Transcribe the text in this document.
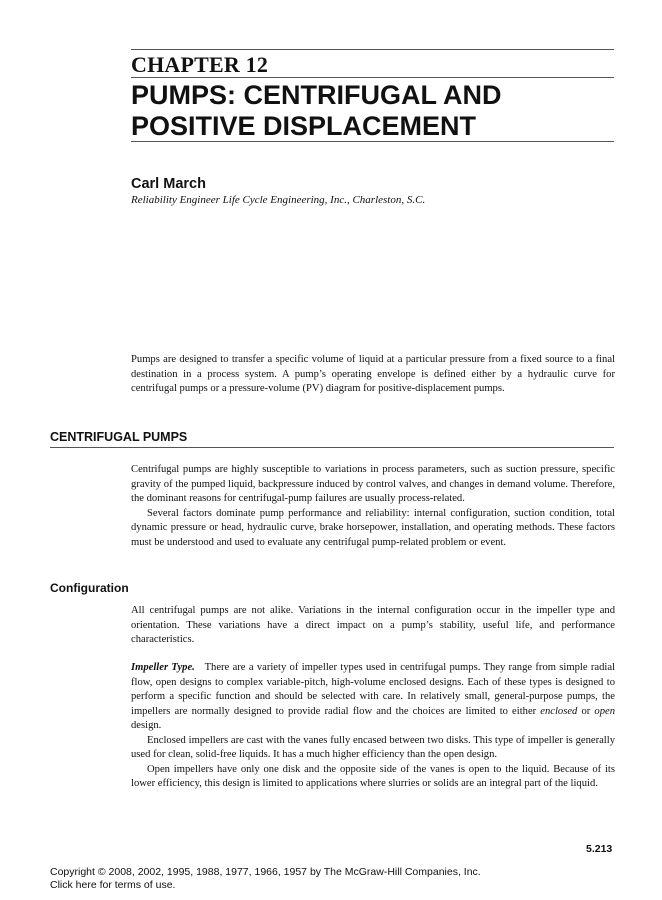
CHAPTER 12
PUMPS: CENTRIFUGAL AND
POSITIVE DISPLACEMENT
Carl March
Reliability Engineer Life Cycle Engineering, Inc., Charleston, S.C.

Pumps are designed to transfer a specific volume of liquid at a particular pressure from a fixed source to a final destination in a process system. A pump’s operating envelope is defined either by a hydraulic curve for centrifugal pumps or a pressure-volume (PV) diagram for positive-displacement pumps.

CENTRIFUGAL PUMPS
Centrifugal pumps are highly susceptible to variations in process parameters, such as suction pressure, specific gravity of the pumped liquid, backpressure induced by control valves, and changes in demand volume. Therefore, the dominant reasons for centrifugal-pump failures are usually process-related.
Several factors dominate pump performance and reliability: internal configuration, suction condition, total dynamic pressure or head, hydraulic curve, brake horsepower, installation, and operating methods. These factors must be understood and used to evaluate any centrifugal pump-related problem or event.
Configuration

All centrifugal pumps are not alike. Variations in the internal configuration occur in the impeller type and orientation. These variations have a direct impact on a pump’s stability, useful life, and performance characteristics.

Impeller Type. There are a variety of impeller types used in centrifugal pumps. They range from simple radial flow, open designs to complex variable-pitch, high-volume enclosed designs. Each of these types is designed to perform a specific function and should be selected with care. In relatively small, general-purpose pumps, the impellers are normally designed to provide radial flow and the choices are limited to either enclosed or open design.
Enclosed impellers are cast with the vanes fully encased between two disks. This type of impeller is generally used for clean, solid-free liquids. It has a much higher efficiency than the open design.
Open impellers have only one disk and the opposite side of the vanes is open to the liquid. Because of its lower efficiency, this design is limited to applications where slurries or solids are an integral part of the liquid.
5.213
Copyright © 2008, 2002, 1995, 1988, 1977, 1966, 1957 by The McGraw-Hill Companies, Inc.
Click here for terms of use.
